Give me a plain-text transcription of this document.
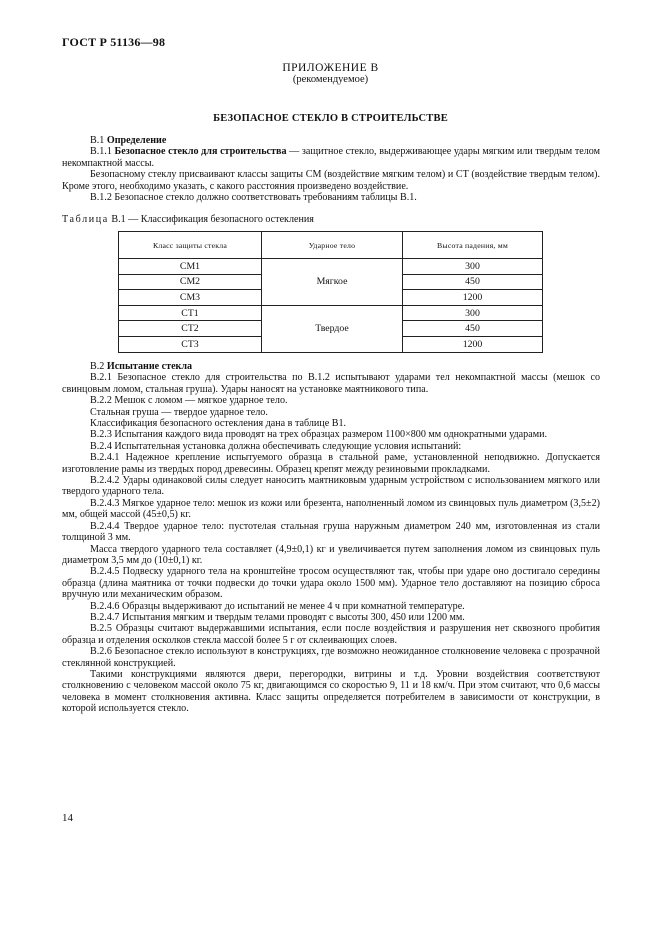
ГОСТ Р 51136—98
ПРИЛОЖЕНИЕ В
(рекомендуемое)
БЕЗОПАСНОЕ СТЕКЛО В СТРОИТЕЛЬСТВЕ

В.1 Определение

В.1.1 Безопасное стекло для строительства — защитное стекло, выдерживающее удары мягким или твердым телом некомпактной массы.

Безопасному стеклу присваивают классы защиты СМ (воздействие мягким телом) и СТ (воздействие твердым телом). Кроме этого, необходимо указать, с какого расстояния произведено воздействие.

В.1.2 Безопасное стекло должно соответствовать требованиям таблицы В.1.

Таблица В.1 — Классификация безопасного остекления
Класс защиты стекла	Ударное тело	Высота падения, мм
СМ1	Мягкое	300
СМ2		450
СМ3		1200
СТ1	Твердое	300
СТ2		450
СТ3		1200

В.2 Испытание стекла

В.2.1 Безопасное стекло для строительства по В.1.2 испытывают ударами тел некомпактной массы (мешок со свинцовым ломом, стальная груша). Удары наносят на установке маятникового типа.

В.2.2 Мешок с ломом — мягкое ударное тело.

Стальная груша — твердое ударное тело.

Классификация безопасного остекления дана в таблице В1.

В.2.3 Испытания каждого вида проводят на трех образцах размером 1100×800 мм однократными ударами.

В.2.4 Испытательная установка должна обеспечивать следующие условия испытаний:

В.2.4.1 Надежное крепление испытуемого образца в стальной раме, установленной неподвижно. Допускается изготовление рамы из твердых пород древесины. Образец крепят между резиновыми прокладками.

В.2.4.2 Удары одинаковой силы следует наносить маятниковым ударным устройством с использованием мягкого или твердого ударного тела.

В.2.4.3 Мягкое ударное тело: мешок из кожи или брезента, наполненный ломом из свинцовых пуль диаметром (3,5±2) мм, общей массой (45±0,5) кг.

В.2.4.4 Твердое ударное тело: пустотелая стальная груша наружным диаметром 240 мм, изготовленная из стали толщиной 3 мм.

Масса твердого ударного тела составляет (4,9±0,1) кг и увеличивается путем заполнения ломом из свинцовых пуль диаметром 3,5 мм до (10±0,1) кг.

В.2.4.5 Подвеску ударного тела на кронштейне тросом осуществляют так, чтобы при ударе оно достигало середины образца (длина маятника от точки подвески до точки удара около 1500 мм). Ударное тело доставляют на позицию сброса вручную или механическим образом.

В.2.4.6 Образцы выдерживают до испытаний не менее 4 ч при комнатной температуре.

В.2.4.7 Испытания мягким и твердым телами проводят с высоты 300, 450 или 1200 мм.

В.2.5 Образцы считают выдержавшими испытания, если после воздействия и разрушения нет сквозного пробития образца и отделения осколков стекла массой более 5 г от склеивающих слоев.

В.2.6 Безопасное стекло используют в конструкциях, где возможно неожиданное столкновение человека с прозрачной стеклянной конструкцией.

Такими конструкциями являются двери, перегородки, витрины и т.д. Уровни воздействия соответствуют столкновению с человеком массой около 75 кг, двигающимся со скоростью 9, 11 и 18 км/ч. При этом считают, что 0,6 массы человека в момент столкновения активна. Класс защиты определяется потребителем в зависимости от конструкции, в которой используется стекло.

14
